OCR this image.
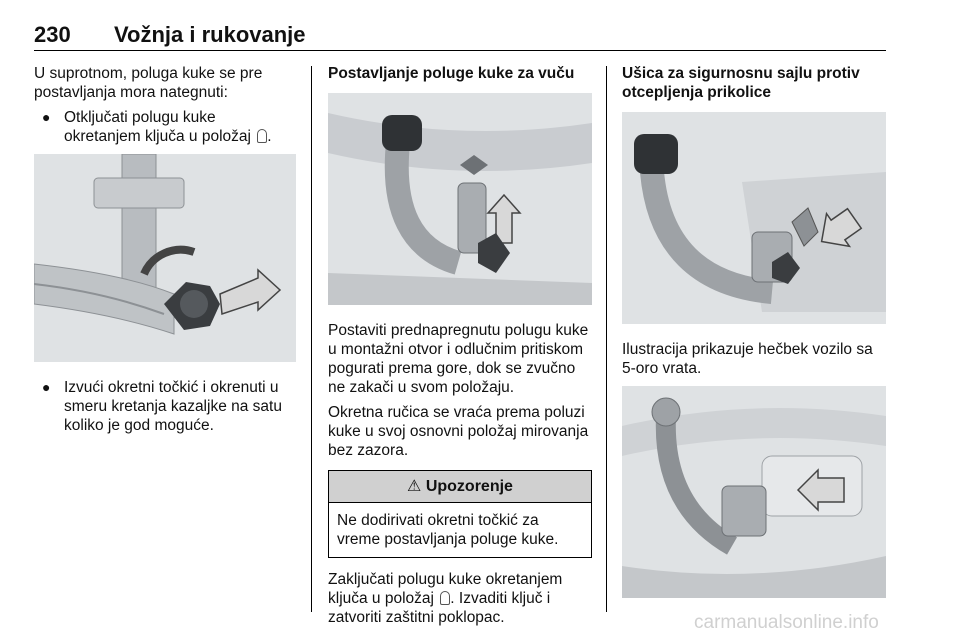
230 Vožnja i rukovanje

U suprotnom, poluga kuke se pre postavljanja mora nategnuti:

● Otključati polugu kuke okretanjem ključa u položaj .
● Izvući okretni točkić i okrenuti u smeru kretanja kazaljke na satu koliko je god moguće.

Postavljanje poluge kuke za vuču

Postaviti prednapregnutu polugu kuke u montažni otvor i odlučnim pritiskom pogurati prema gore, dok se zvučno ne zakači u svom položaju.

Okretna ručica se vraća prema poluzi kuke u svoj osnovni položaj mirovanja bez zazora.

⚠ Upozorenje
Ne dodirivati okretni točkić za vreme postavljanja poluge kuke.

Zaključati polugu kuke okretanjem ključa u položaj . Izvaditi ključ i zatvoriti zaštitni poklopac.

Ušica za sigurnosnu sajlu protiv otcepljenja prikolice

Ilustracija prikazuje hečbek vozilo sa 5-oro vrata.

carmanualsonline.info
